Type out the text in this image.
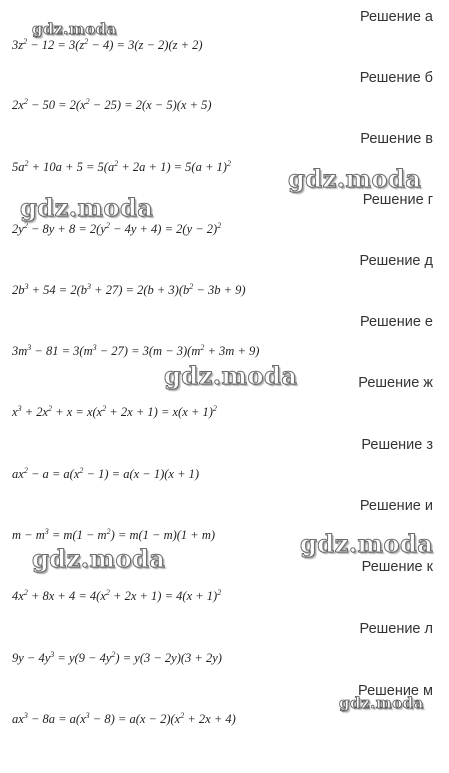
Решение а
$3z^2 - 12 = 3(z^2 - 4) = 3(z - 2)(z + 2)$
Решение б
$2x^2 - 50 = 2(x^2 - 25) = 2(x - 5)(x + 5)$
Решение в
$5a^2 + 10a + 5 = 5(a^2 + 2a + 1) = 5(a + 1)^2$
Решение г
$2y^2 - 8y + 8 = 2(y^2 - 4y + 4) = 2(y - 2)^2$
Решение д
$2b^3 + 54 = 2(b^3 + 27) = 2(b + 3)(b^2 - 3b + 9)$
Решение е
$3m^3 - 81 = 3(m^3 - 27) = 3(m - 3)(m^2 + 3m + 9)$
Решение ж
$x^3 + 2x^2 + x = x(x^2 + 2x + 1) = x(x + 1)^2$
Решение з
$ax^2 - a = a(x^2 - 1) = a(x - 1)(x + 1)$
Решение и
$m - m^3 = m(1 - m^2) = m(1 - m)(1 + m)$
Решение к
$4x^2 + 8x + 4 = 4(x^2 + 2x + 1) = 4(x + 1)^2$
Решение л
$9y - 4y^3 = y(9 - 4y^2) = y(3 - 2y)(3 + 2y)$
Решение м
$ax^3 - 8a = a(x^3 - 8) = a(x - 2)(x^2 + 2x + 4)$
gdz.moda
gdz.moda
gdz.moda
gdz.moda
gdz.moda
gdz.moda
gdz.moda
